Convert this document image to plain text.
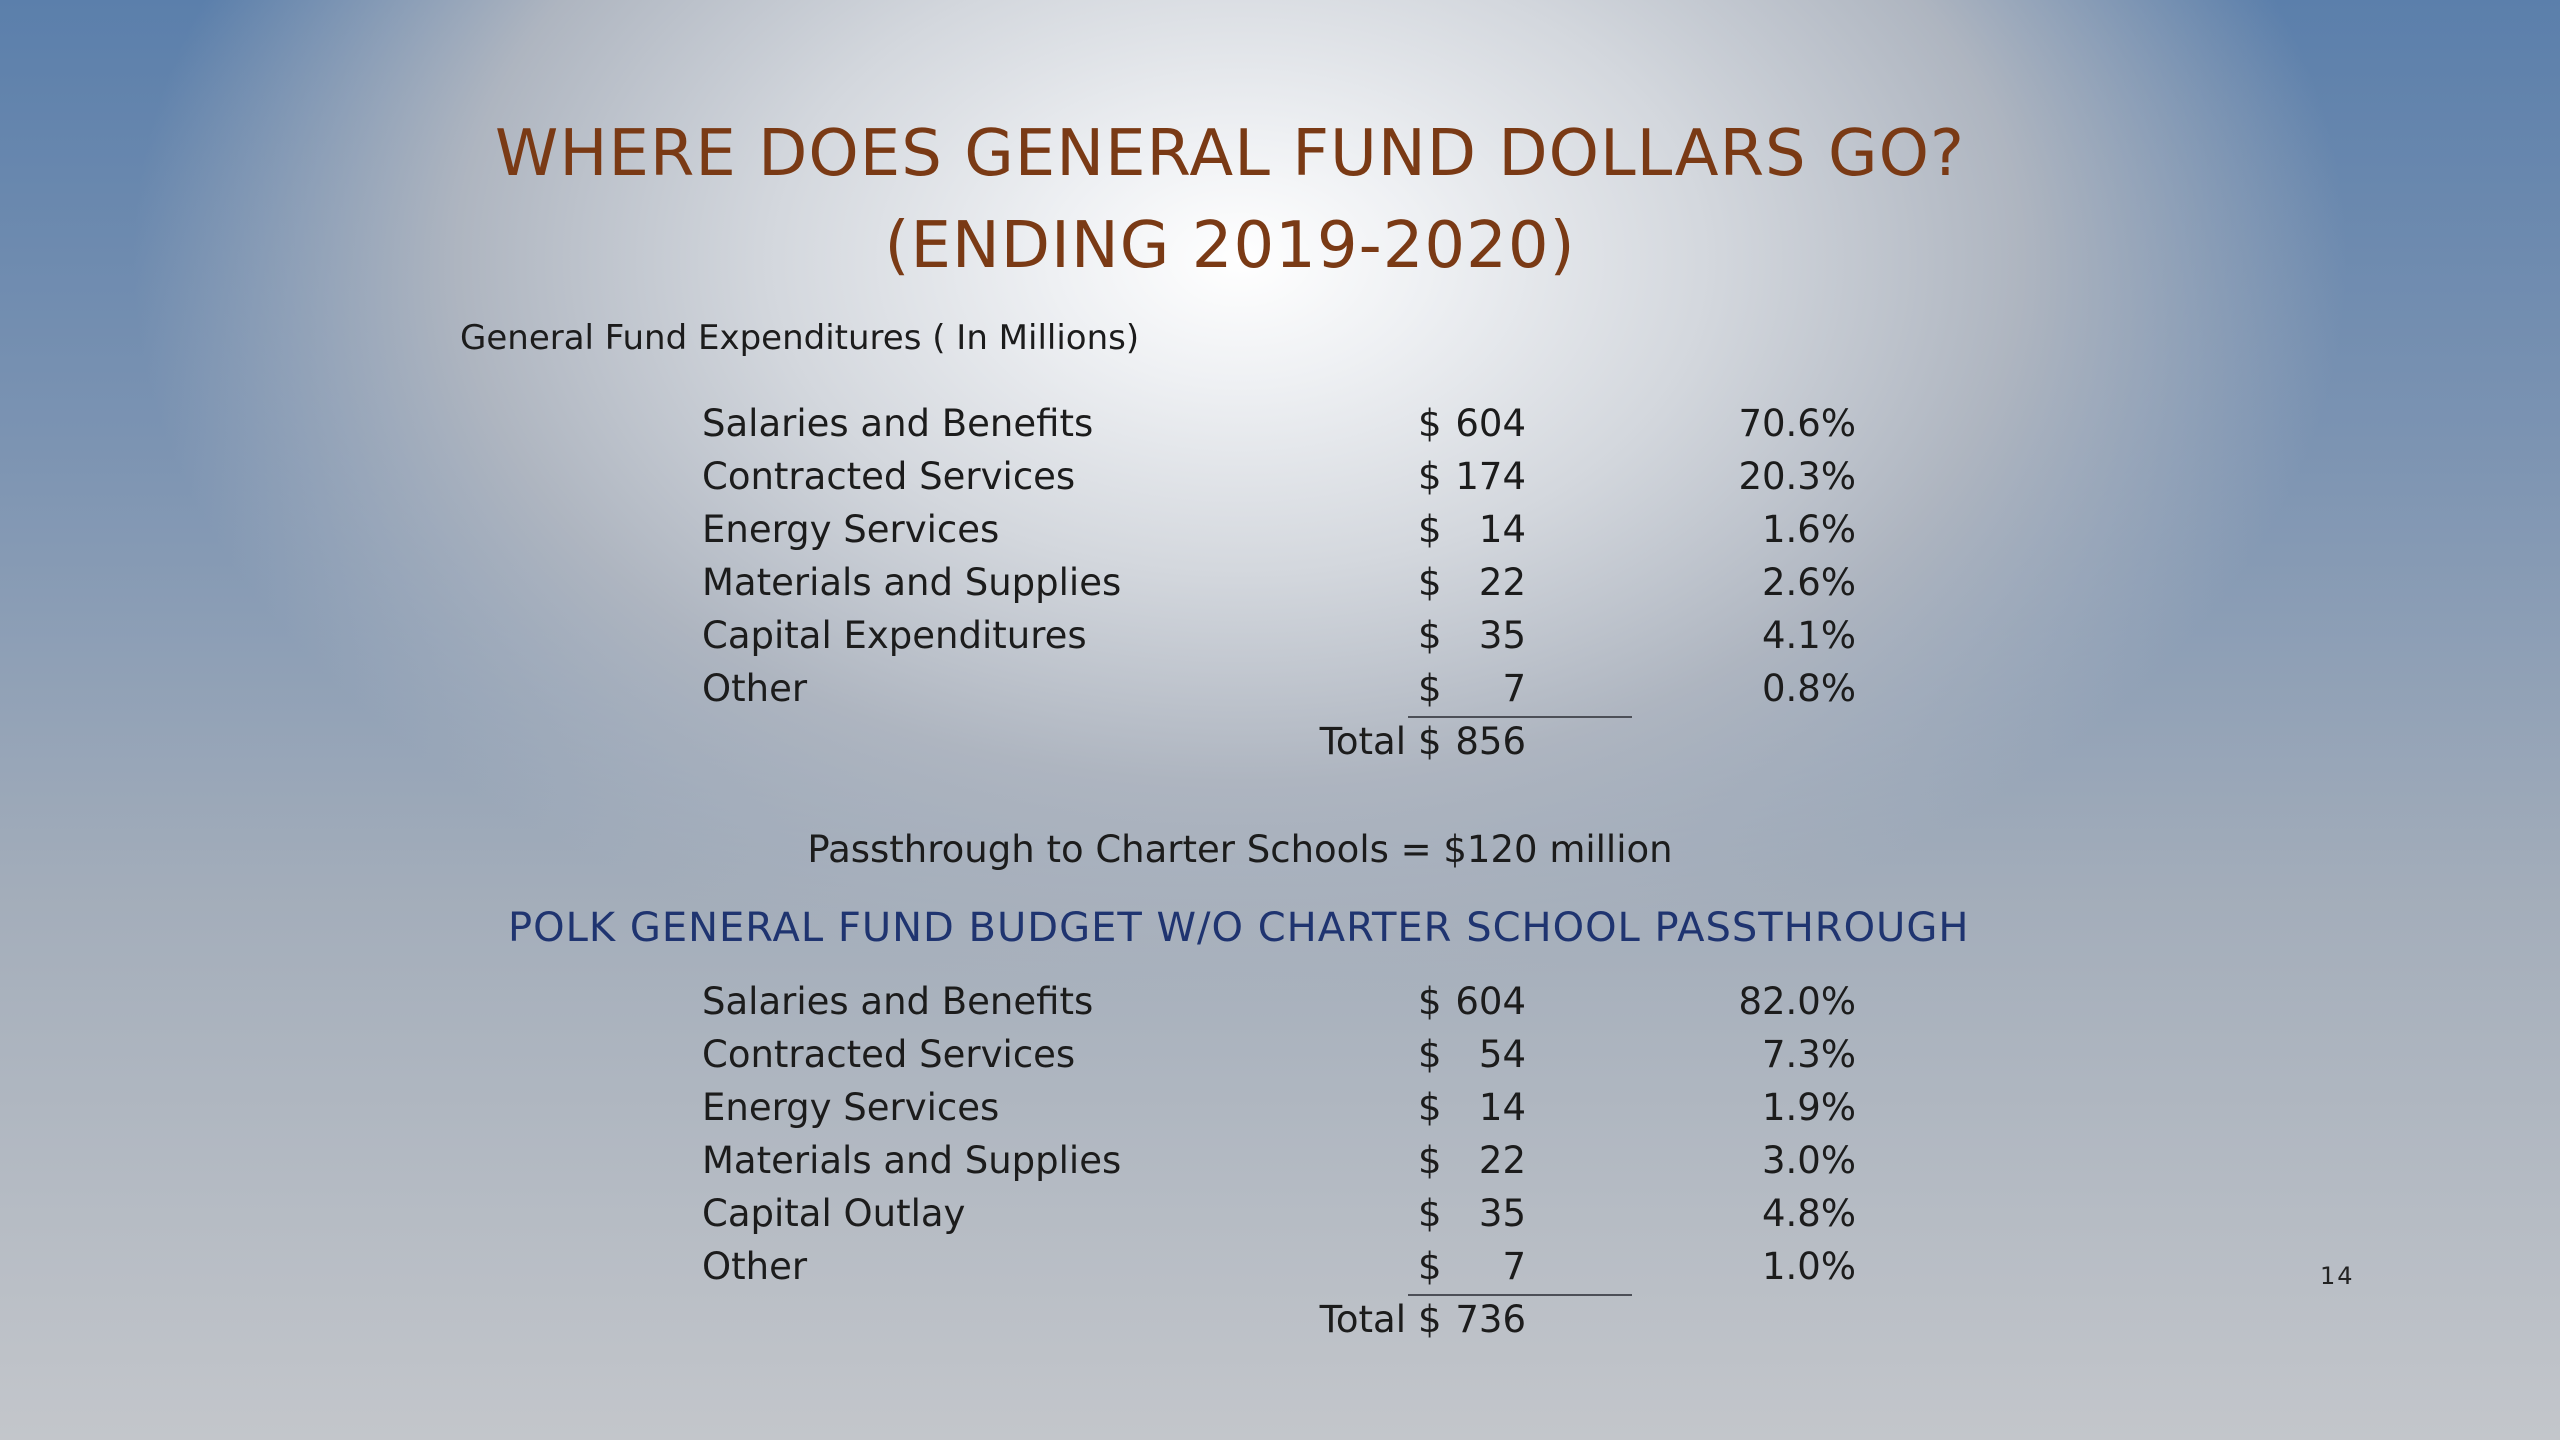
WHERE DOES GENERAL FUND DOLLARS GO?
(ENDING 2019-2020)
General Fund Expenditures ( In Millions)
Salaries and Benefits	$ 604	70.6%
Contracted Services	$ 174	20.3%
Energy Services	$	14	1.6%
Materials and Supplies	$	22	2.6%
Capital Expenditures	$	35	4.1%
Other	$	7	0.8%
Total $ 856
Passthrough to Charter Schools = $120 million
POLK GENERAL FUND BUDGET W/O CHARTER SCHOOL PASSTHROUGH
Salaries and Benefits	$ 604	82.0%
Contracted Services	$	54	7.3%
Energy Services	$	14	1.9%
Materials and Supplies	$	22	3.0%
Capital Outlay	$	35	4.8%
Other	$	7	1.0%
Total $ 736
14
